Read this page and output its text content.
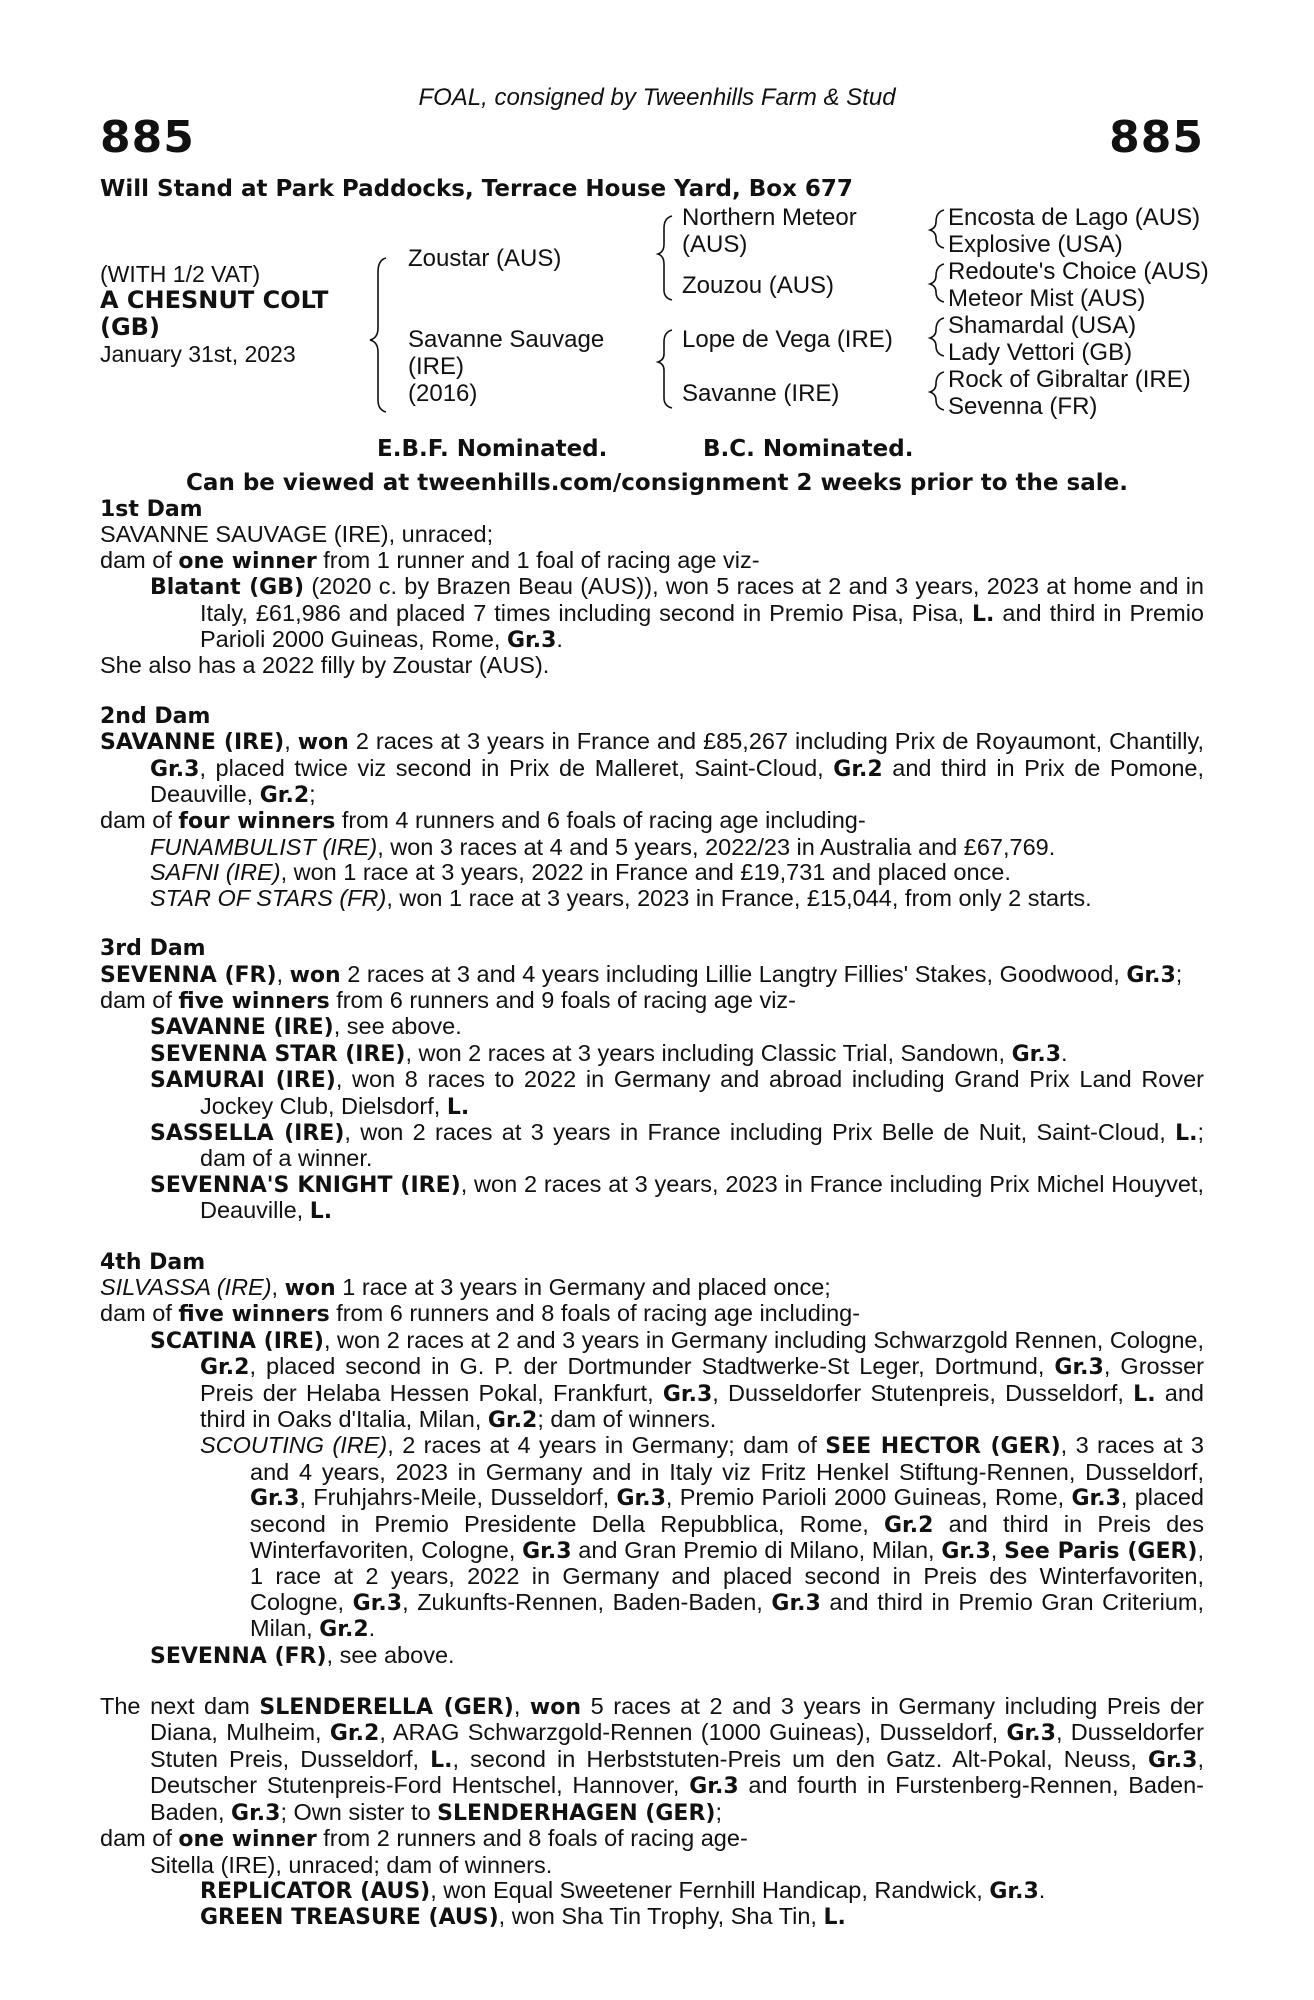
FOAL, consigned by Tweenhills Farm & Stud
885	885
Will Stand at Park Paddocks, Terrace House Yard, Box 677
(WITH 1/2 VAT)
A CHESNUT COLT
(GB)
January 31st, 2023
Zoustar (AUS)
Savanne Sauvage
(IRE)
(2016)
Northern Meteor
(AUS)
Zouzou (AUS)
Lope de Vega (IRE)
Savanne (IRE)
Encosta de Lago (AUS)
Explosive (USA)
Redoute's Choice (AUS)
Meteor Mist (AUS)
Shamardal (USA)
Lady Vettori (GB)
Rock of Gibraltar (IRE)
Sevenna (FR)
E.B.F. Nominated.	B.C. Nominated.
Can be viewed at tweenhills.com/consignment 2 weeks prior to the sale.

1st Dam

SAVANNE SAUVAGE (IRE), unraced;

dam of one winner from 1 runner and 1 foal of racing age viz-

Blatant (GB) (2020 c. by Brazen Beau (AUS)), won 5 races at 2 and 3 years, 2023 at home and in Italy, £61,986 and placed 7 times including second in Premio Pisa, Pisa, L. and third in Premio Parioli 2000 Guineas, Rome, Gr.3.

She also has a 2022 filly by Zoustar (AUS).

2nd Dam

SAVANNE (IRE), won 2 races at 3 years in France and £85,267 including Prix de Royaumont, Chantilly, Gr.3, placed twice viz second in Prix de Malleret, Saint-Cloud, Gr.2 and third in Prix de Pomone, Deauville, Gr.2;

dam of four winners from 4 runners and 6 foals of racing age including-

FUNAMBULIST (IRE), won 3 races at 4 and 5 years, 2022/23 in Australia and £67,769.

SAFNI (IRE), won 1 race at 3 years, 2022 in France and £19,731 and placed once.

STAR OF STARS (FR), won 1 race at 3 years, 2023 in France, £15,044, from only 2 starts.

3rd Dam

SEVENNA (FR), won 2 races at 3 and 4 years including Lillie Langtry Fillies' Stakes, Goodwood, Gr.3;

dam of five winners from 6 runners and 9 foals of racing age viz-

SAVANNE (IRE), see above.

SEVENNA STAR (IRE), won 2 races at 3 years including Classic Trial, Sandown, Gr.3.

SAMURAI (IRE), won 8 races to 2022 in Germany and abroad including Grand Prix Land Rover Jockey Club, Dielsdorf, L.

SASSELLA (IRE), won 2 races at 3 years in France including Prix Belle de Nuit, Saint-Cloud, L.; dam of a winner.

SEVENNA'S KNIGHT (IRE), won 2 races at 3 years, 2023 in France including Prix Michel Houyvet, Deauville, L.

4th Dam

SILVASSA (IRE), won 1 race at 3 years in Germany and placed once;

dam of five winners from 6 runners and 8 foals of racing age including-

SCATINA (IRE), won 2 races at 2 and 3 years in Germany including Schwarzgold Rennen, Cologne, Gr.2, placed second in G. P. der Dortmunder Stadtwerke-St Leger, Dortmund, Gr.3, Grosser Preis der Helaba Hessen Pokal, Frankfurt, Gr.3, Dusseldorfer Stutenpreis, Dusseldorf, L. and third in Oaks d'Italia, Milan, Gr.2; dam of winners.

SCOUTING (IRE), 2 races at 4 years in Germany; dam of SEE HECTOR (GER), 3 races at 3 and 4 years, 2023 in Germany and in Italy viz Fritz Henkel Stiftung-Rennen, Dusseldorf, Gr.3, Fruhjahrs-Meile, Dusseldorf, Gr.3, Premio Parioli 2000 Guineas, Rome, Gr.3, placed second in Premio Presidente Della Repubblica, Rome, Gr.2 and third in Preis des Winterfavoriten, Cologne, Gr.3 and Gran Premio di Milano, Milan, Gr.3, See Paris (GER), 1 race at 2 years, 2022 in Germany and placed second in Preis des Winterfavoriten, Cologne, Gr.3, Zukunfts-Rennen, Baden-Baden, Gr.3 and third in Premio Gran Criterium, Milan, Gr.2.

SEVENNA (FR), see above.

The next dam SLENDERELLA (GER), won 5 races at 2 and 3 years in Germany including Preis der Diana, Mulheim, Gr.2, ARAG Schwarzgold-Rennen (1000 Guineas), Dusseldorf, Gr.3, Dusseldorfer Stuten Preis, Dusseldorf, L., second in Herbststuten-Preis um den Gatz. Alt-Pokal, Neuss, Gr.3, Deutscher Stutenpreis-Ford Hentschel, Hannover, Gr.3 and fourth in Furstenberg-Rennen, Baden-Baden, Gr.3; Own sister to SLENDERHAGEN (GER);

dam of one winner from 2 runners and 8 foals of racing age-

Sitella (IRE), unraced; dam of winners.

REPLICATOR (AUS), won Equal Sweetener Fernhill Handicap, Randwick, Gr.3.

GREEN TREASURE (AUS), won Sha Tin Trophy, Sha Tin, L.
